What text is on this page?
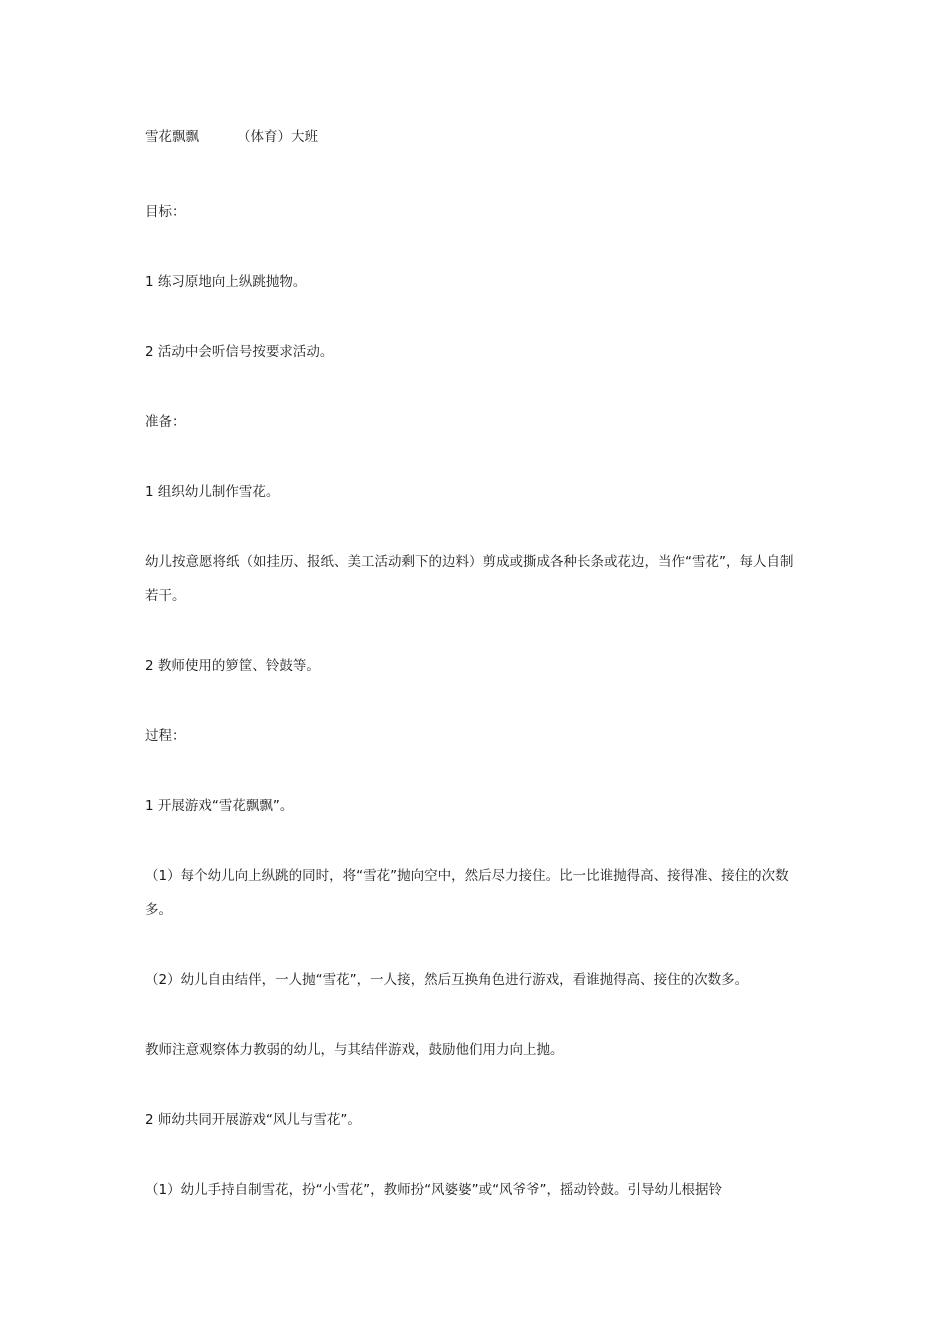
雪花飘飘	（体育）大班

目标：

1 练习原地向上纵跳抛物。

2 活动中会听信号按要求活动。

准备：

1 组织幼儿制作雪花。

幼儿按意愿将纸（如挂历、报纸、美工活动剩下的边料）剪成或撕成各种长条或花边，当作“雪花”，每人自制若干。

2 教师使用的箩筐、铃鼓等。

过程：

1 开展游戏“雪花飘飘”。

（1）每个幼儿向上纵跳的同时，将“雪花”抛向空中，然后尽力接住。比一比谁抛得高、接得准、接住的次数多。

（2）幼儿自由结伴，一人抛“雪花”，一人接，然后互换角色进行游戏，看谁抛得高、接住的次数多。

教师注意观察体力教弱的幼儿，与其结伴游戏，鼓励他们用力向上抛。

2 师幼共同开展游戏“风儿与雪花”。

（1）幼儿手持自制雪花，扮“小雪花”，教师扮“风婆婆”或“风爷爷”，摇动铃鼓。引导幼儿根据铃
